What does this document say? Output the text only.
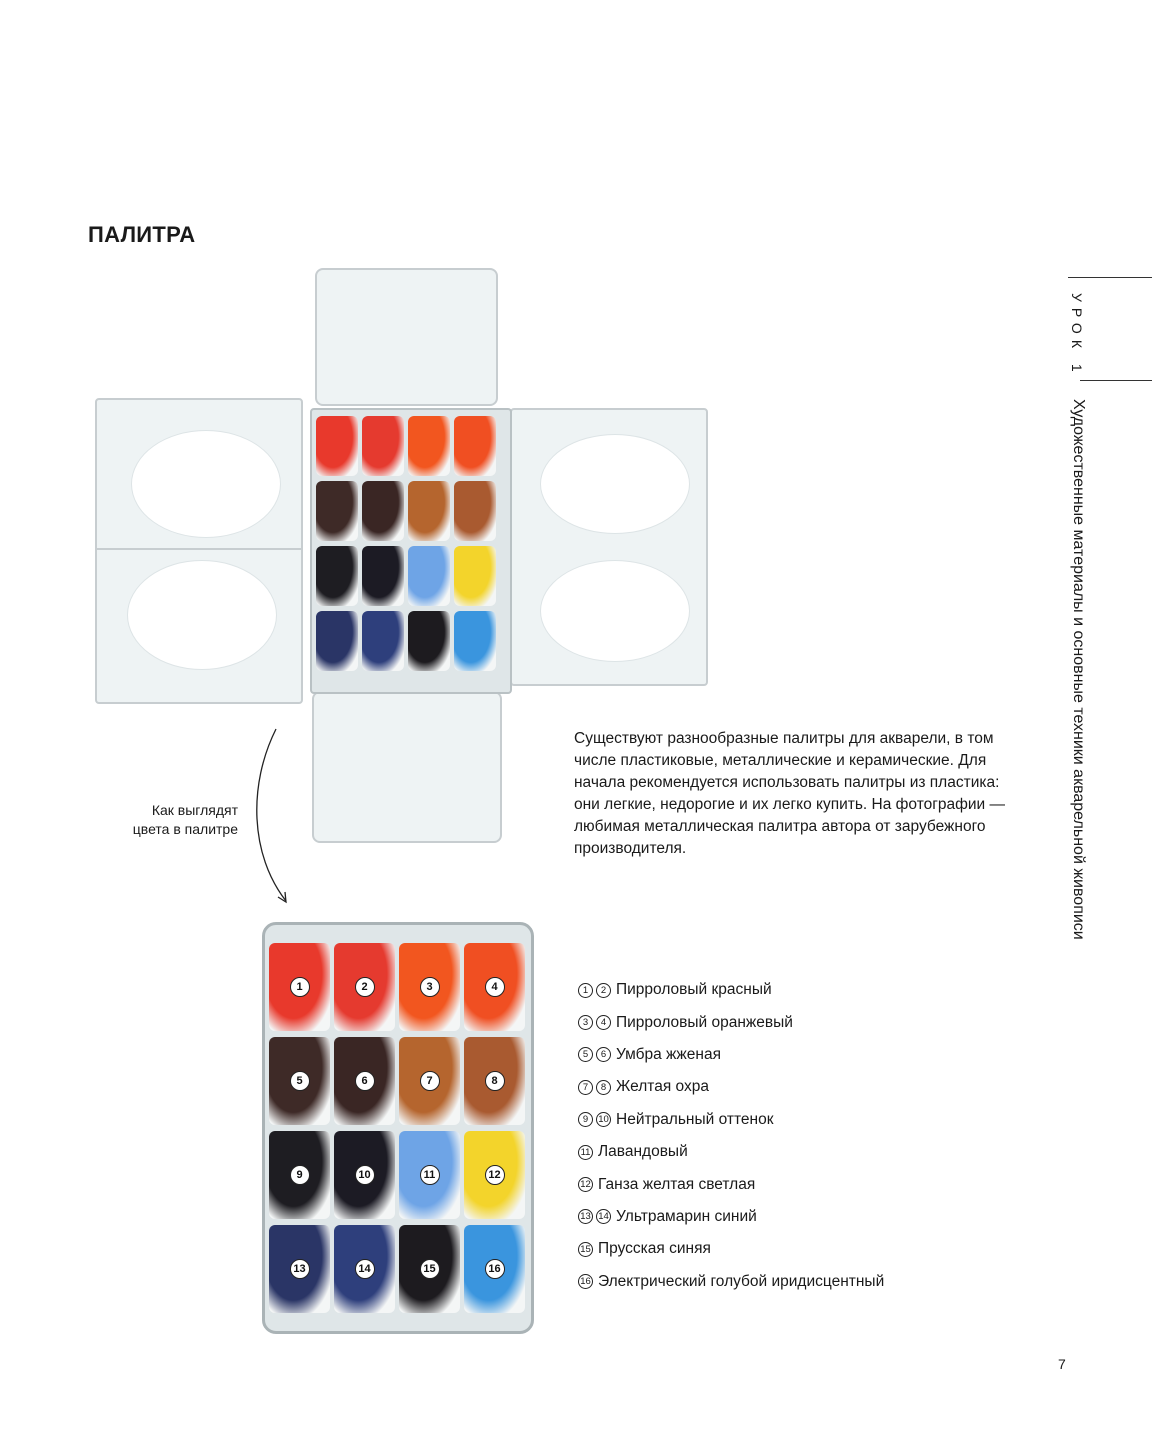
ПАЛИТРА
УРОК 1
Художественные материалы и основные техники акварельной живописи
Как выглядят цвета в палитре
Существуют разнообразные палитры для акварели, в том числе пластиковые, металлические и керамические. Для начала рекомендуется использовать палитры из пластика: они легкие, недорогие и их легко купить. На фотографии — любимая металлическая палитра автора от зарубежного производителя.
1	2	3	4
5	6	7	8
9	10	11	12
13	14	15	16
1	2 Пирроловый красный
3	4 Пирроловый оранжевый
5	6 Умбра жженая
7	8 Желтая охра
9	10 Нейтральный оттенок
11 Лавандовый
12 Ганза желтая светлая
13 14 Ультрамарин синий
15 Прусская синяя
16 Электрический голубой иридисцентный
7
